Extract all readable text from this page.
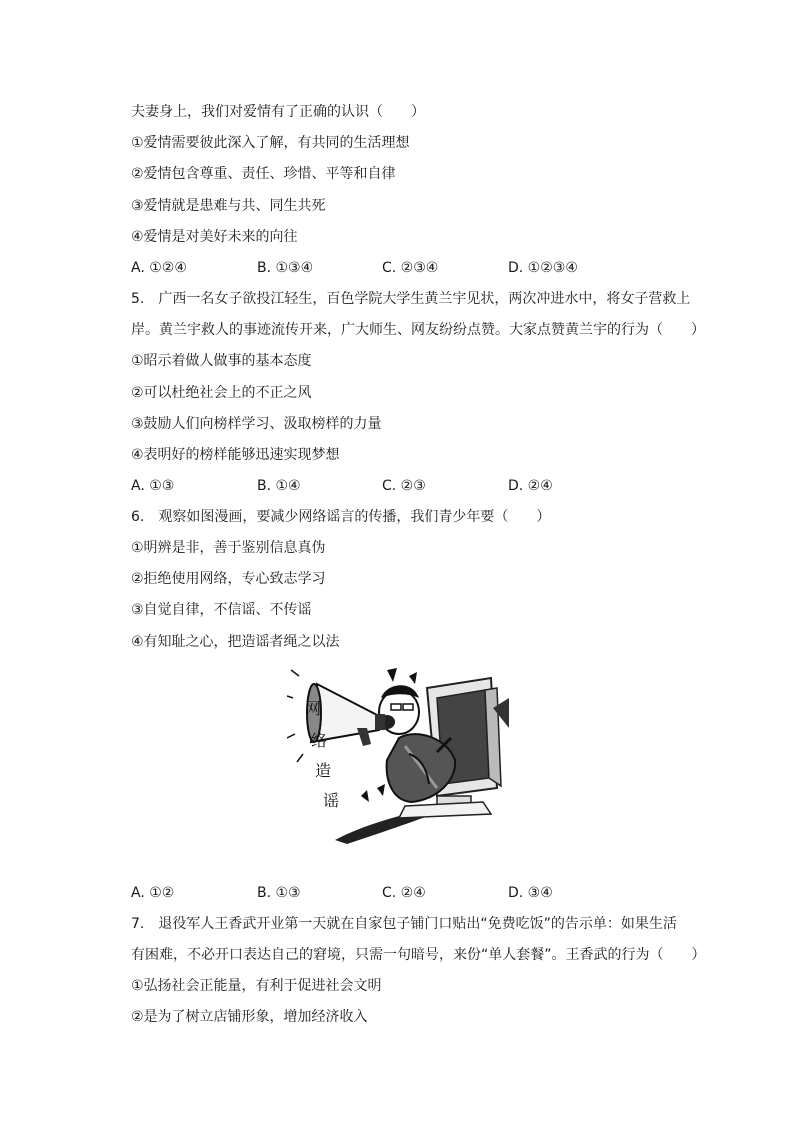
夫妻身上，我们对爱情有了正确的认识（　　）
①爱情需要彼此深入了解，有共同的生活理想
②爱情包含尊重、责任、珍惜、平等和自律
③爱情就是患难与共、同生共死
④爱情是对美好未来的向往
A. ①②④	B. ①③④	C. ②③④	D. ①②③④
5.　广西一名女子欲投江轻生，百色学院大学生黄兰宇见状，两次冲进水中，将女子营救上
岸。黄兰宇救人的事迹流传开来，广大师生、网友纷纷点赞。大家点赞黄兰宇的行为（　　）
①昭示着做人做事的基本态度
②可以杜绝社会上的不正之风
③鼓励人们向榜样学习、汲取榜样的力量
④表明好的榜样能够迅速实现梦想
A. ①③	B. ①④	C. ②③	D. ②④
6.　观察如图漫画，要减少网络谣言的传播，我们青少年要（　　）
①明辨是非，善于鉴别信息真伪
②拒绝使用网络，专心致志学习
③自觉自律，不信谣、不传谣
④有知耻之心，把造谣者绳之以法
网
络
造
谣
A. ①②	B. ①③	C. ②④	D. ③④
7.　退役军人王香武开业第一天就在自家包子铺门口贴出“免费吃饭”的告示单：如果生活
有困难，不必开口表达自己的窘境，只需一句暗号，来份“单人套餐”。王香武的行为（　　）
①弘扬社会正能量，有利于促进社会文明
②是为了树立店铺形象，增加经济收入
